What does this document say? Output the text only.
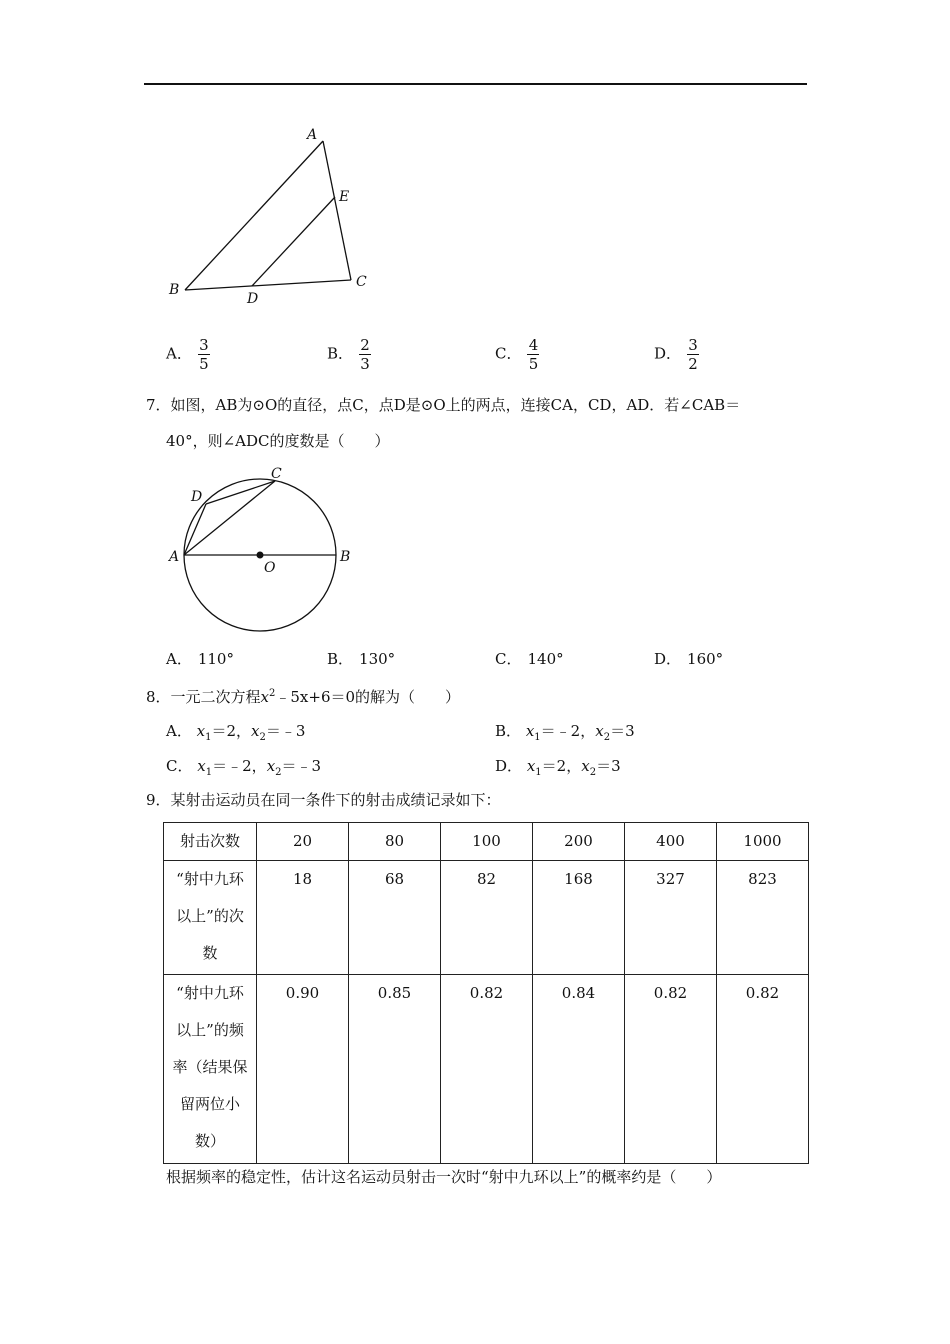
A
E
B	C
D
A． $\frac{3}{5}$	B． $\frac{2}{3}$	C． $\frac{4}{5}$	D． $\frac{3}{2}$
7．如图，AB为⊙O的直径，点C，点D是⊙O上的两点，连接CA，CD，AD．若∠CAB＝
40°，则∠ADC的度数是（　　）
C
D
A	B
O
A． 110°	B． 130°	C． 140°	D． 160°
8．一元二次方程$x^2﹣5x+6=0$的解为（　　）
A． $x_1=2$，$x_2=﹣3$	B． $x_1=﹣2$，$x_2=3$
C． $x_1=﹣2$，$x_2=﹣3$	D． $x_1=2$，$x_2=3$
9．某射击运动员在同一条件下的射击成绩记录如下：
射击次数	20	80	100	200	400	1000

“射中九环
以上”的次
数	18	68	82	168	327	823

“射中九环
以上”的频
率（结果保
留两位小
数）	0.90	0.85	0.82	0.84	0.82	0.82
根据频率的稳定性，估计这名运动员射击一次时“射中九环以上”的概率约是（　　）
